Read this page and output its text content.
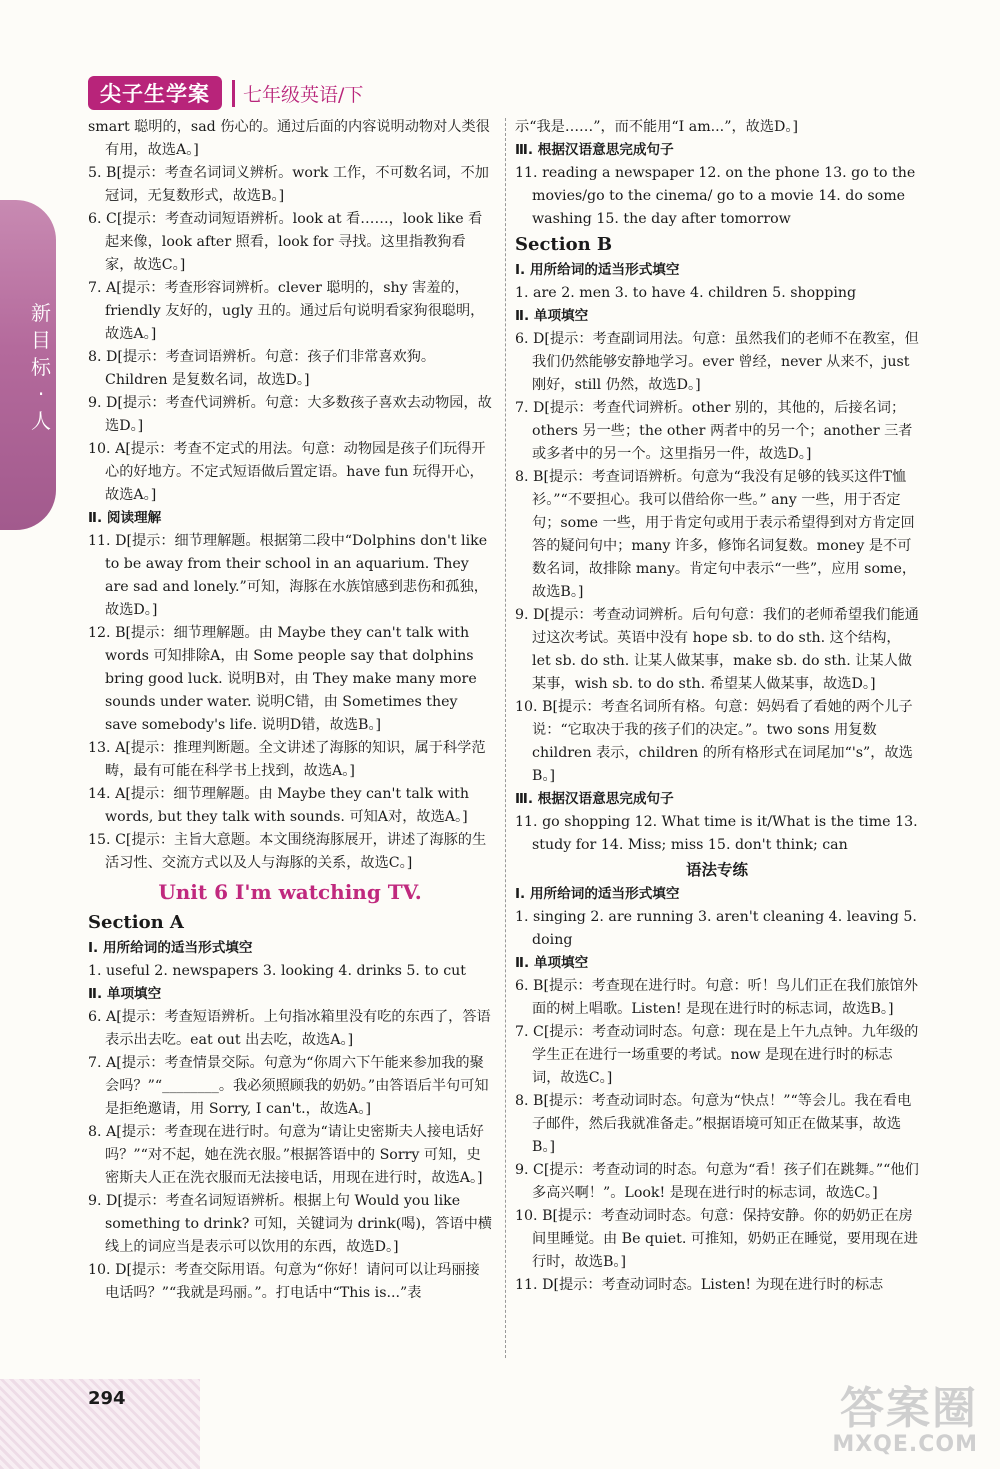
新目标·人
尖子生学案	七年级英语/下

smart 聪明的，sad 伤心的。通过后面的内容说明动物对人类很有用，故选A。]

5. B[提示：考查名词词义辨析。work 工作，不可数名词，不加冠词，无复数形式，故选B。]

6. C[提示：考查动词短语辨析。look at 看……，look like 看起来像，look after 照看，look for 寻找。这里指教狗看家，故选C。]

7. A[提示：考查形容词辨析。clever 聪明的，shy 害羞的，friendly 友好的，ugly 丑的。通过后句说明看家狗很聪明，故选A。]

8. D[提示：考查词语辨析。句意：孩子们非常喜欢狗。Children 是复数名词，故选D。]

9. D[提示：考查代词辨析。句意：大多数孩子喜欢去动物园，故选D。]

10. A[提示：考查不定式的用法。句意：动物园是孩子们玩得开心的好地方。不定式短语做后置定语。have fun 玩得开心，故选A。]

Ⅱ. 阅读理解

11. D[提示：细节理解题。根据第二段中“Dolphins don't like to be away from their school in an aquarium. They are sad and lonely.”可知，海豚在水族馆感到悲伤和孤独，故选D。]

12. B[提示：细节理解题。由 Maybe they can't talk with words 可知排除A，由 Some people say that dolphins bring good luck. 说明B对，由 They make many more sounds under water. 说明C错，由 Sometimes they save somebody's life. 说明D错，故选B。]

13. A[提示：推理判断题。全文讲述了海豚的知识，属于科学范畴，最有可能在科学书上找到，故选A。]

14. A[提示：细节理解题。由 Maybe they can't talk with words, but they talk with sounds. 可知A对，故选A。]

15. C[提示：主旨大意题。本文围绕海豚展开，讲述了海豚的生活习性、交流方式以及人与海豚的关系，故选C。]

Unit 6 I'm watching TV.

Section A

Ⅰ. 用所给词的适当形式填空

1. useful 2. newspapers 3. looking 4. drinks 5. to cut

Ⅱ. 单项填空

6. A[提示：考查短语辨析。上句指冰箱里没有吃的东西了，答语表示出去吃。eat out 出去吃，故选A。]

7. A[提示：考查情景交际。句意为“你周六下午能来参加我的聚会吗？”“________。我必须照顾我的奶奶。”由答语后半句可知是拒绝邀请，用 Sorry, I can't.，故选A。]

8. A[提示：考查现在进行时。句意为“请让史密斯夫人接电话好吗？”“对不起，她在洗衣服。”根据答语中的 Sorry 可知，史密斯夫人正在洗衣服而无法接电话，用现在进行时，故选A。]

9. D[提示：考查名词短语辨析。根据上句 Would you like something to drink? 可知，关键词为 drink(喝)，答语中横线上的词应当是表示可以饮用的东西，故选D。]

10. D[提示：考查交际用语。句意为“你好！请问可以让玛丽接电话吗？”“我就是玛丽。”。打电话中“This is...”表

示“我是……”，而不能用“I am...”，故选D。]

Ⅲ. 根据汉语意思完成句子

11. reading a newspaper 12. on the phone 13. go to the movies/go to the cinema/ go to a movie 14. do some washing 15. the day after tomorrow

Section B

Ⅰ. 用所给词的适当形式填空

1. are 2. men 3. to have 4. children 5. shopping

Ⅱ. 单项填空

6. D[提示：考查副词用法。句意：虽然我们的老师不在教室，但我们仍然能够安静地学习。ever 曾经，never 从来不，just 刚好，still 仍然，故选D。]

7. D[提示：考查代词辨析。other 别的，其他的，后接名词；others 另一些；the other 两者中的另一个；another 三者或多者中的另一个。这里指另一件，故选D。]

8. B[提示：考查词语辨析。句意为“我没有足够的钱买这件T恤衫。”“不要担心。我可以借给你一些。” any 一些，用于否定句；some 一些，用于肯定句或用于表示希望得到对方肯定回答的疑问句中；many 许多，修饰名词复数。money 是不可数名词，故排除 many。肯定句中表示“一些”，应用 some，故选B。]

9. D[提示：考查动词辨析。后句句意：我们的老师希望我们能通过这次考试。英语中没有 hope sb. to do sth. 这个结构，let sb. do sth. 让某人做某事，make sb. do sth. 让某人做某事，wish sb. to do sth. 希望某人做某事，故选D。]

10. B[提示：考查名词所有格。句意：妈妈看了看她的两个儿子说：“它取决于我的孩子们的决定。”。two sons 用复数 children 表示，children 的所有格形式在词尾加“'s”，故选B。]

Ⅲ. 根据汉语意思完成句子

11. go shopping 12. What time is it/What is the time 13. study for 14. Miss; miss 15. don't think; can

语法专练

Ⅰ. 用所给词的适当形式填空

1. singing 2. are running 3. aren't cleaning 4. leaving 5. doing

Ⅱ. 单项填空

6. B[提示：考查现在进行时。句意：听！鸟儿们正在我们旅馆外面的树上唱歌。Listen! 是现在进行时的标志词，故选B。]

7. C[提示：考查动词时态。句意：现在是上午九点钟。九年级的学生正在进行一场重要的考试。now 是现在进行时的标志词，故选C。]

8. B[提示：考查动词时态。句意为“快点！”“等会儿。我在看电子邮件，然后我就准备走。”根据语境可知正在做某事，故选B。]

9. C[提示：考查动词的时态。句意为“看！孩子们在跳舞。”“他们多高兴啊！”。Look! 是现在进行时的标志词，故选C。]

10. B[提示：考查动词时态。句意：保持安静。你的奶奶正在房间里睡觉。由 Be quiet. 可推知，奶奶正在睡觉，要用现在进行时，故选B。]

11. D[提示：考查动词时态。Listen! 为现在进行时的标志

294	答案圈
MXQE.COM
